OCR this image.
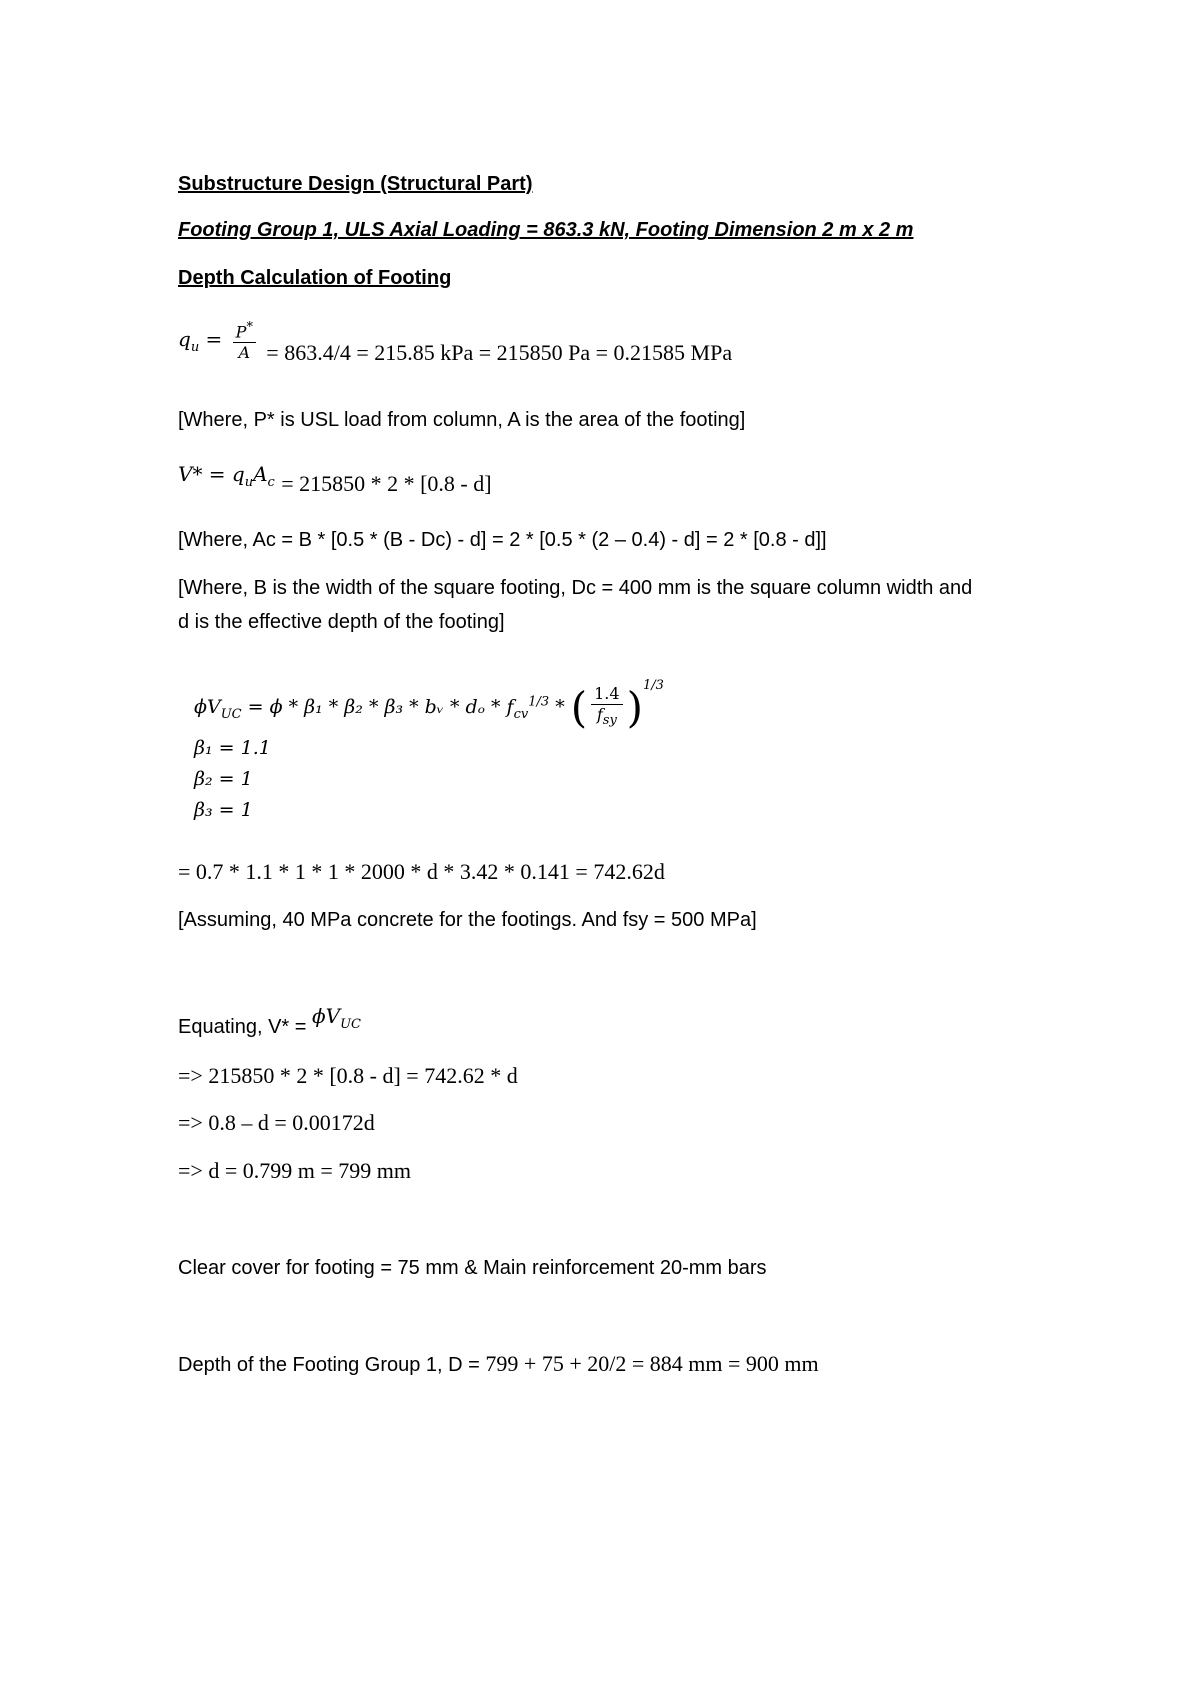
Substructure Design (Structural Part)
Footing Group 1, ULS Axial Loading = 863.3 kN, Footing Dimension 2 m x 2 m
Depth Calculation of Footing
$q_u = \frac{P^*}{A} = 863.4/4 = 215.85$ kPa = 215850 Pa = 0.21585 MPa
[Where, P* is USL load from column, A is the area of the footing]
$V* = q_uA_c = 215850 * 2 * [0.8 - d]$
[Where, Ac = B * [0.5 * (B - Dc) - d] = 2 * [0.5 * (2 – 0.4) - d] = 2 * [0.8 - d]]
[Where, B is the width of the square footing, Dc = 400 mm is the square column width and
d is the effective depth of the footing]
$\phi V_{UC} = \phi * \beta_1 * \beta_2 * \beta_3$ * bᵥ * dₒ * $f_{cv}^{1/3}$ * ( $\frac{1.4}{f_{sy}} )^{1/3}$
β₁ = 1.1
β₂ = 1
β₃ = 1
= 0.7 * 1.1 * 1 * 1 * 2000 * d * 3.42 * 0.141 = 742.62d
[Assuming, 40 MPa concrete for the footings. And fsy = 500 MPa]
Equating, $V* = \phi V_{UC}$
=> 215850 * 2 * [0.8 - d] = 742.62 * d
=> 0.8 – d = 0.00172d
=> d = 0.799 m = 799 mm
Clear cover for footing = 75 mm & Main reinforcement 20-mm bars
Depth of the Footing Group 1, D = 799 + 75 + 20/2 = 884 mm = 900 mm
